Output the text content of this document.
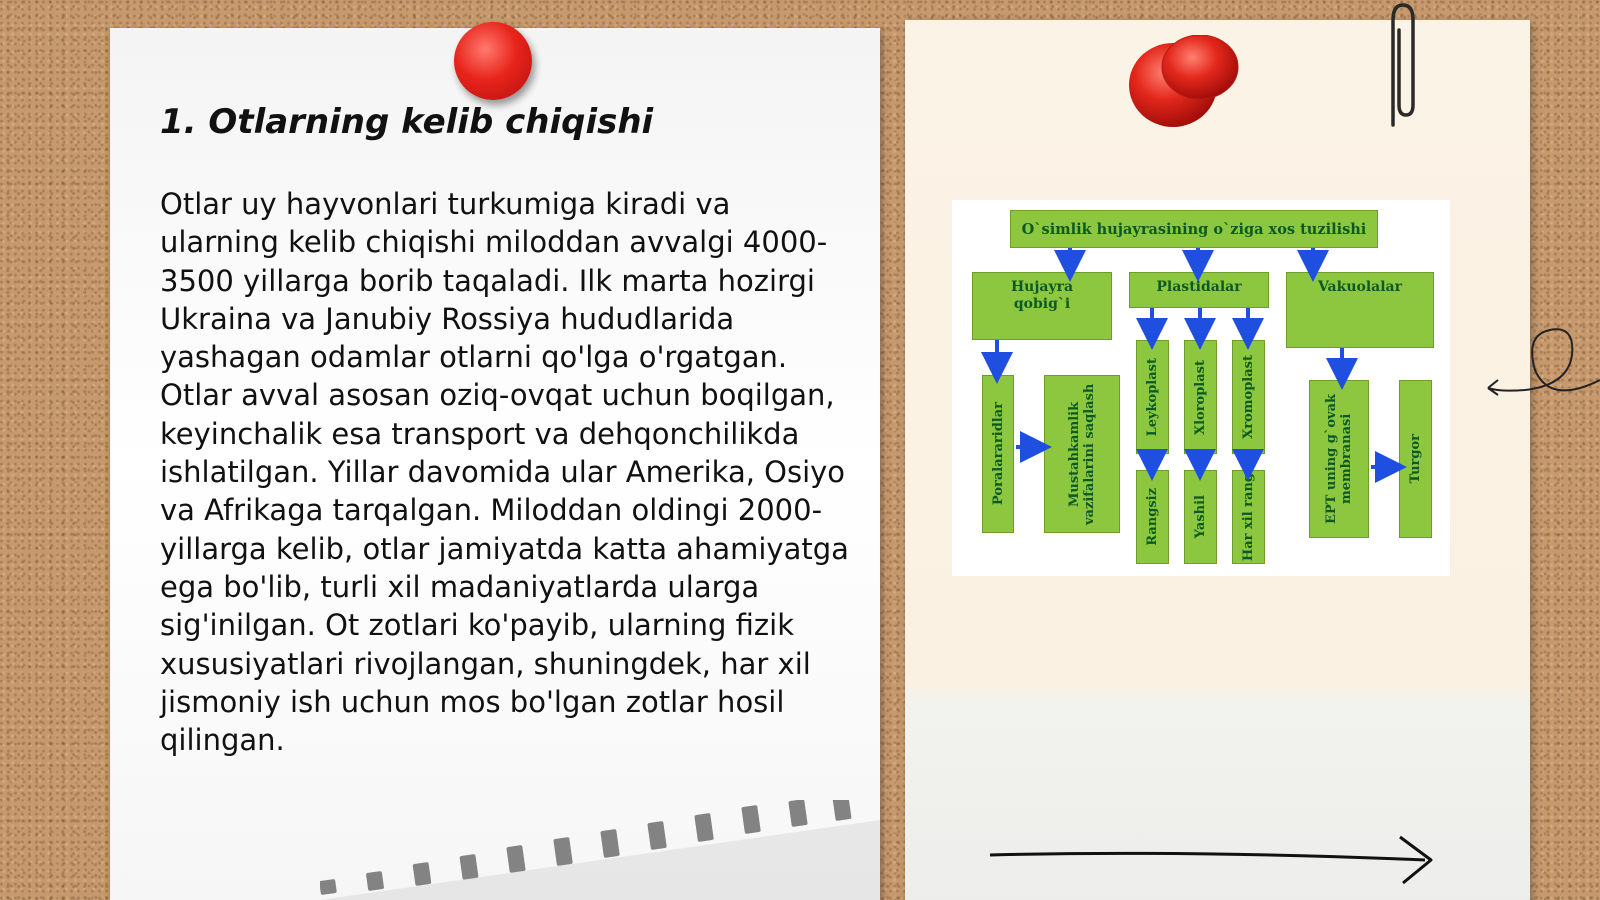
1. Otlarning kelib chiqishi

Otlar uy hayvonlari turkumiga kiradi va ularning kelib chiqishi miloddan avvalgi 4000-3500 yillarga borib taqaladi. Ilk marta hozirgi Ukraina va Janubiy Rossiya hududlarida yashagan odamlar otlarni qo'lga o'rgatgan. Otlar avval asosan oziq-ovqat uchun boqilgan, keyinchalik esa transport va dehqonchilikda ishlatilgan. Yillar davomida ular Amerika, Osiyo va Afrikaga tarqalgan. Miloddan oldingi 2000-yillarga kelib, otlar jamiyatda katta ahamiyatga ega bo'lib, turli xil madaniyatlarda ularga sig'inilgan. Ot zotlari ko'payib, ularning fizik xususiyatlari rivojlangan, shuningdek, har xil jismoniy ish uchun mos bo'lgan zotlar hosil qilingan.

O`simlik hujayrasining o`ziga xos tuzilishi
Hujayra qobig`i
Plastidalar	Vakuolalar
Poralararidlar	Mustahkamlik vazifalarini saqlash	Leykoplast	Xloroplast	Xromoplast
Rangsiz	Yashil	Har xil rang	EPT uning g`ovak membranasi	Turgor
